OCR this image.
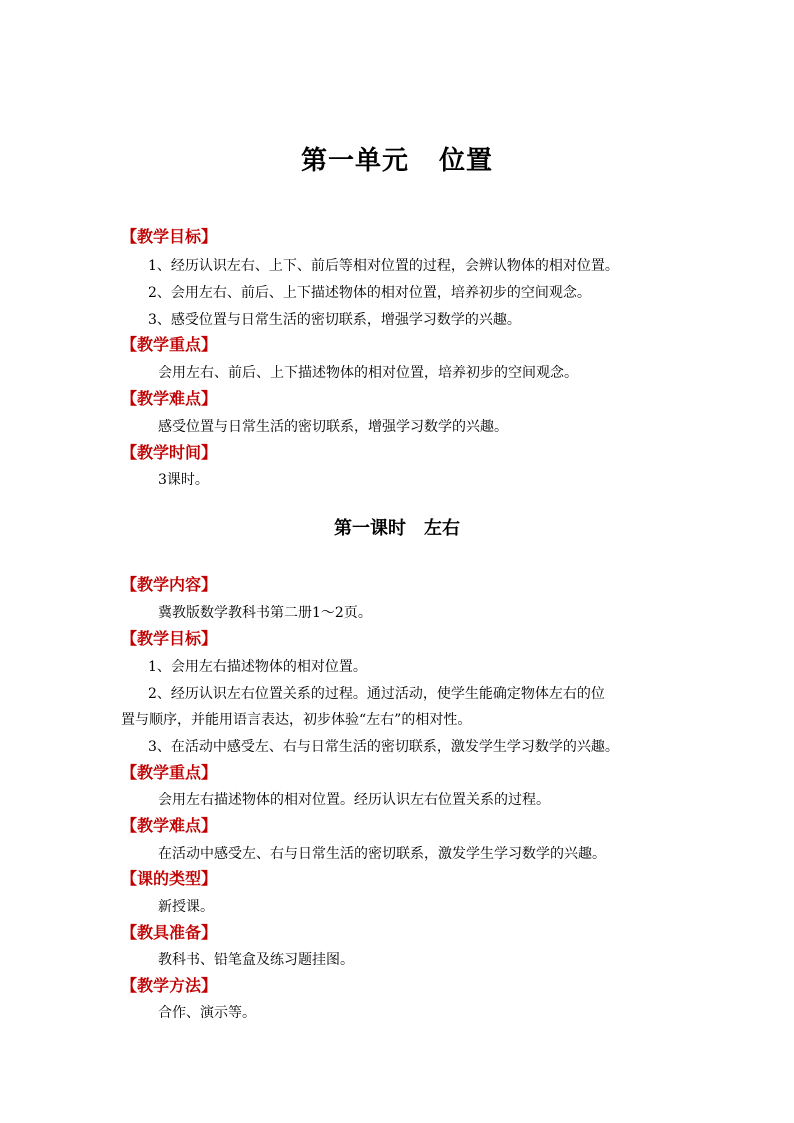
第一单元 位置

【教学目标】

1、经历认识左右、上下、前后等相对位置的过程，会辨认物体的相对位置。

2、会用左右、前后、上下描述物体的相对位置，培养初步的空间观念。

3、感受位置与日常生活的密切联系，增强学习数学的兴趣。

【教学重点】

会用左右、前后、上下描述物体的相对位置，培养初步的空间观念。

【教学难点】

感受位置与日常生活的密切联系，增强学习数学的兴趣。

【教学时间】

3课时。

第一课时 左右

【教学内容】

冀教版数学教科书第二册1～2页。

【教学目标】

1、会用左右描述物体的相对位置。

2、经历认识左右位置关系的过程。通过活动，使学生能确定物体左右的位

置与顺序，并能用语言表达，初步体验“左右”的相对性。

3、在活动中感受左、右与日常生活的密切联系，激发学生学习数学的兴趣。

【教学重点】

会用左右描述物体的相对位置。经历认识左右位置关系的过程。

【教学难点】

在活动中感受左、右与日常生活的密切联系，激发学生学习数学的兴趣。

【课的类型】

新授课。

【教具准备】

教科书、铅笔盒及练习题挂图。

【教学方法】

合作、演示等。
